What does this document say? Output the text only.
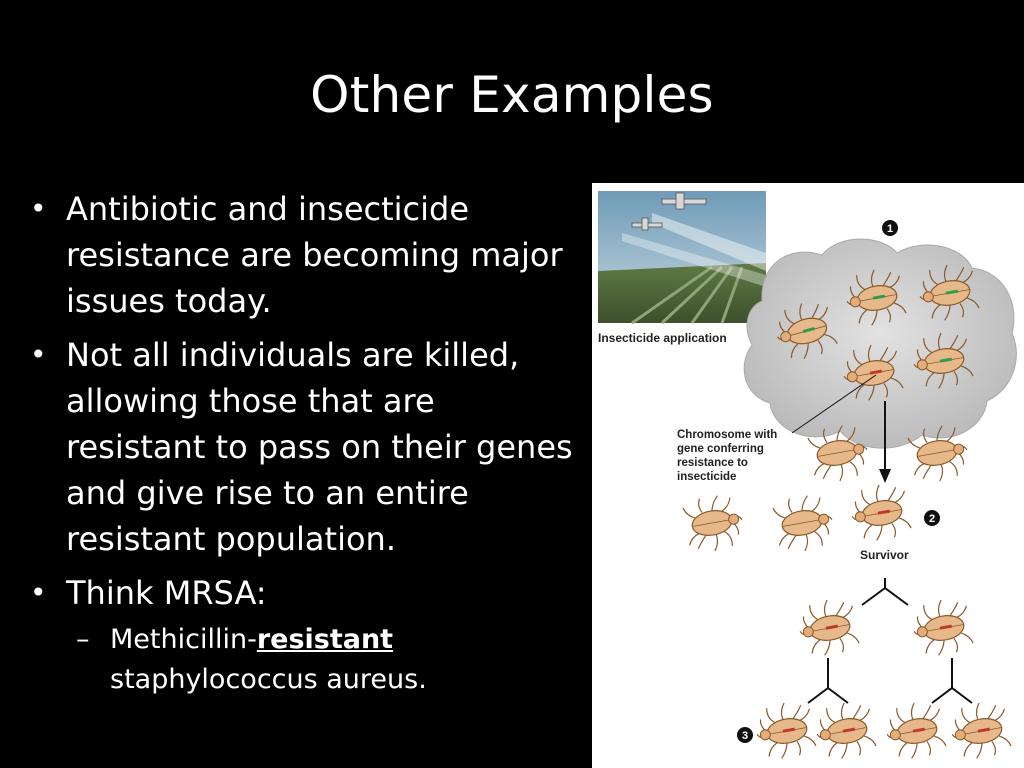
Other Examples
• Antibiotic and insecticide resistance are becoming major issues today.
• Not all individuals are killed, allowing those that are resistant to pass on their genes and give rise to an entire resistant population.
• Think MRSA:
– Methicillin-resistant staphylococcus aureus.
Insecticide application
1
2
3
Chromosome with
gene conferring
resistance to
insecticide
Survivor
